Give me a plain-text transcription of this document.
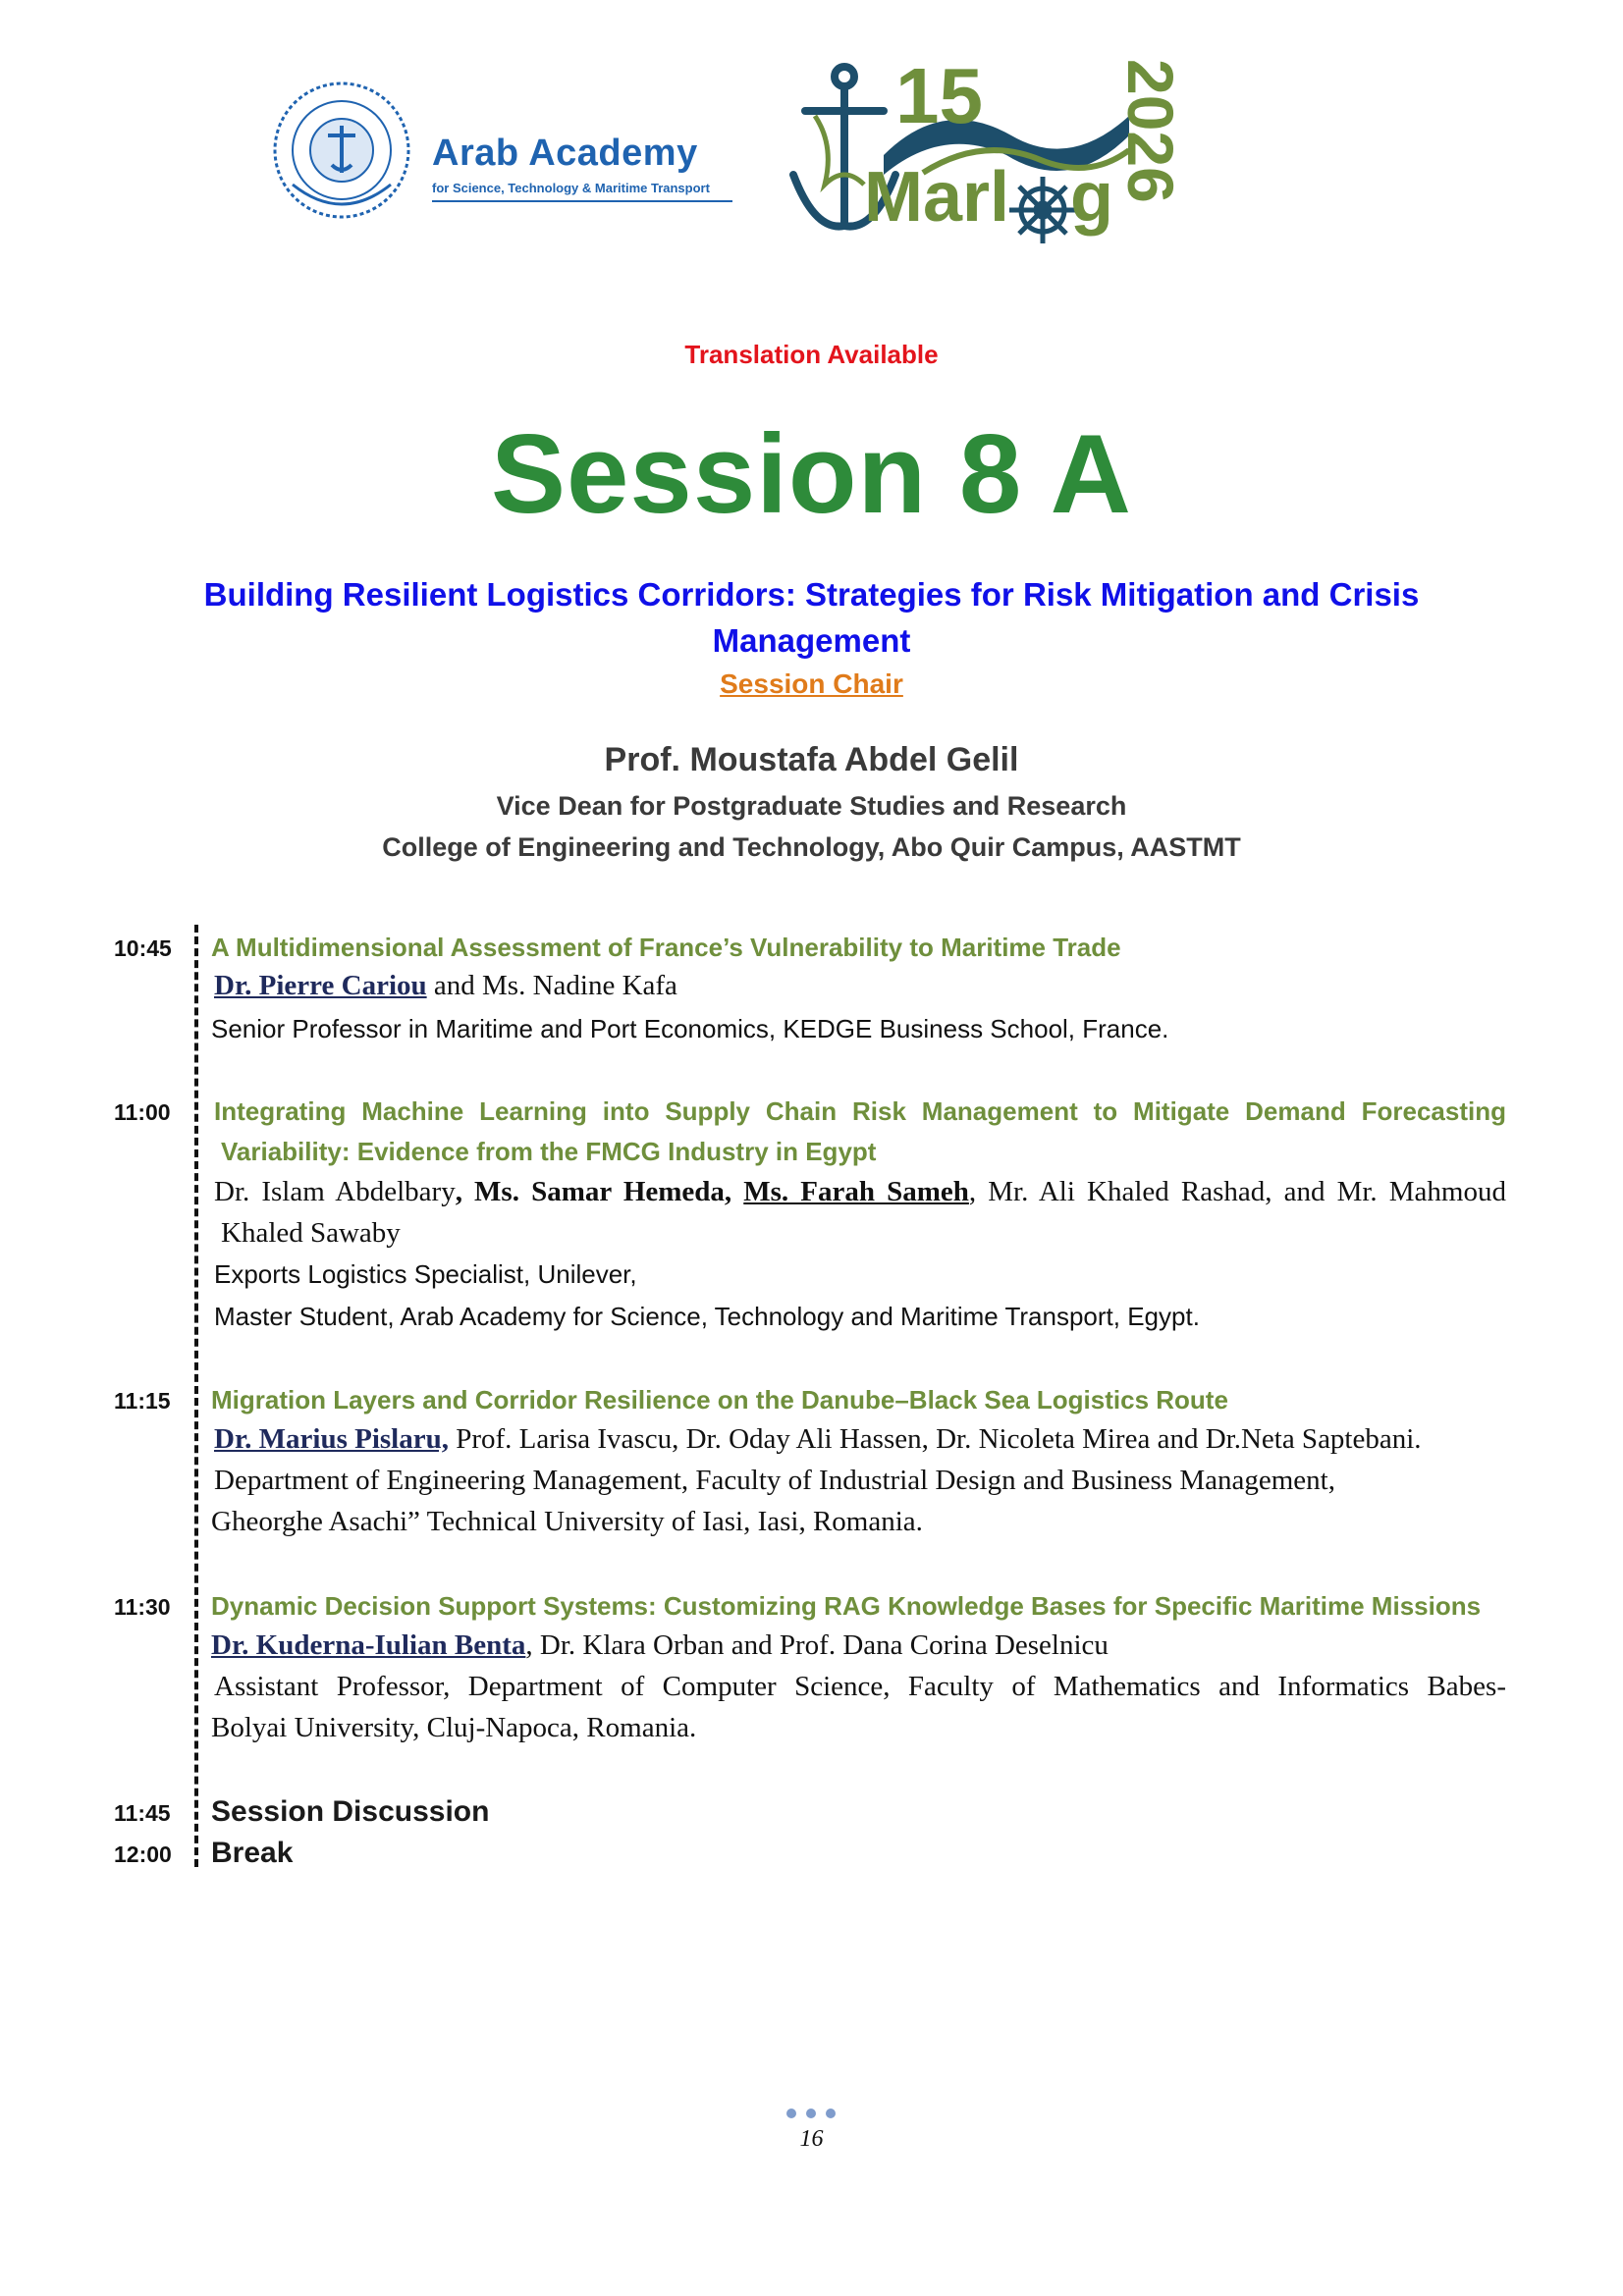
Arab Academy
for Science, Technology & Maritime Transport
15
Marl g 2026
Translation Available
Session 8 A
Building Resilient Logistics Corridors: Strategies for Risk Mitigation and Crisis Management
Session Chair
Prof. Moustafa Abdel Gelil
Vice Dean for Postgraduate Studies and Research
College of Engineering and Technology, Abo Quir Campus, AASTMT
10:45 A Multidimensional Assessment of France’s Vulnerability to Maritime Trade
Dr. Pierre Cariou and Ms. Nadine Kafa
Senior Professor in Maritime and Port Economics, KEDGE Business School, France.
11:00	Integrating Machine Learning into Supply Chain Risk Management to Mitigate Demand Forecasting
Variability: Evidence from the FMCG Industry in Egypt
Dr. Islam Abdelbary, Ms. Samar Hemeda, Ms. Farah Sameh, Mr. Ali Khaled Rashad, and Mr. Mahmoud
Khaled Sawaby
Exports Logistics Specialist, Unilever,
Master Student, Arab Academy for Science, Technology and Maritime Transport, Egypt.
11:15	Migration Layers and Corridor Resilience on the Danube–Black Sea Logistics Route
Dr. Marius Pislaru, Prof. Larisa Ivascu, Dr. Oday Ali Hassen, Dr. Nicoleta Mirea and Dr.Neta Saptebani.
Department of Engineering Management, Faculty of Industrial Design and Business Management,
Gheorghe Asachi” Technical University of Iasi, Iasi, Romania.
11:30	Dynamic Decision Support Systems: Customizing RAG Knowledge Bases for Specific Maritime Missions
Dr. Kuderna-Iulian Benta, Dr. Klara Orban and Prof. Dana Corina Deselnicu
Assistant Professor, Department of Computer Science, Faculty of Mathematics and Informatics Babes-
Bolyai University, Cluj-Napoca, Romania.
11:45 Session Discussion
12:00 Break
16
